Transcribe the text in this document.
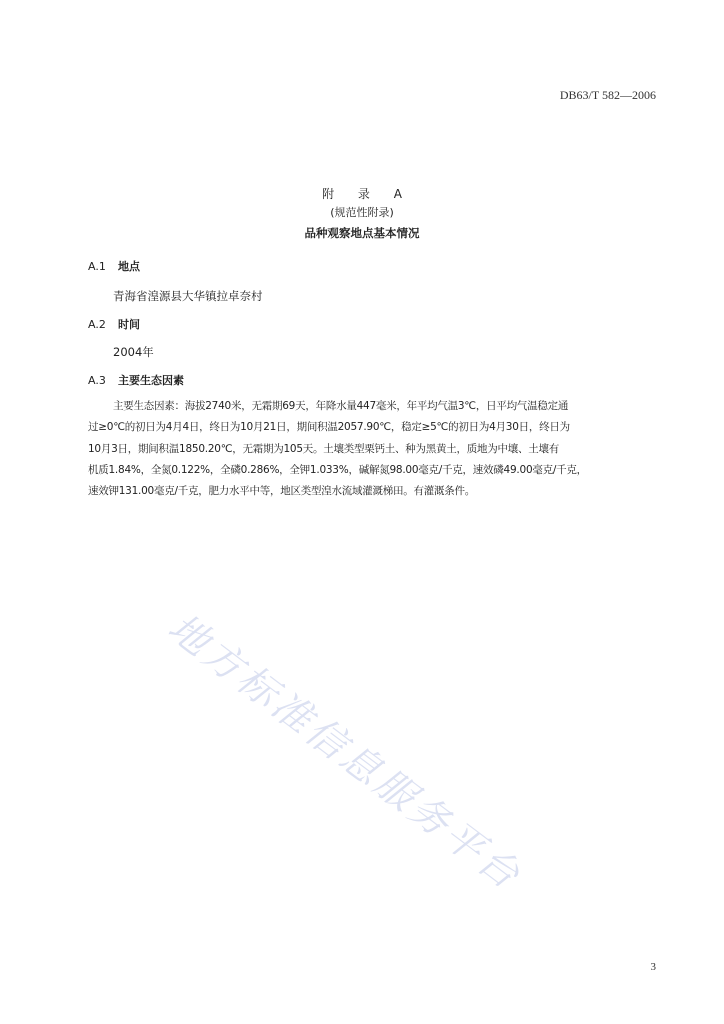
DB63/T 582—2006
附 录 A
(规范性附录)
品种观察地点基本情况
A.1 地点
青海省湟源县大华镇拉卓奈村
A.2 时间
2004年
A.3 主要生态因素
主要生态因素：海拔2740米，无霜期69天，年降水量447毫米，年平均气温3℃，日平均气温稳定通
过≥0℃的初日为4月4日，终日为10月21日，期间积温2057.90℃，稳定≥5℃的初日为4月30日，终日为
10月3日，期间积温1850.20℃，无霜期为105天。土壤类型栗钙土、种为黑黄土，质地为中壤、土壤有
机质1.84%，全氮0.122%，全磷0.286%，全钾1.033%，碱解氮98.00毫克/千克，速效磷49.00毫克/千克，
速效钾131.00毫克/千克，肥力水平中等，地区类型湟水流域灌溉梯田。有灌溉条件。
地方标准信息服务平台
3
